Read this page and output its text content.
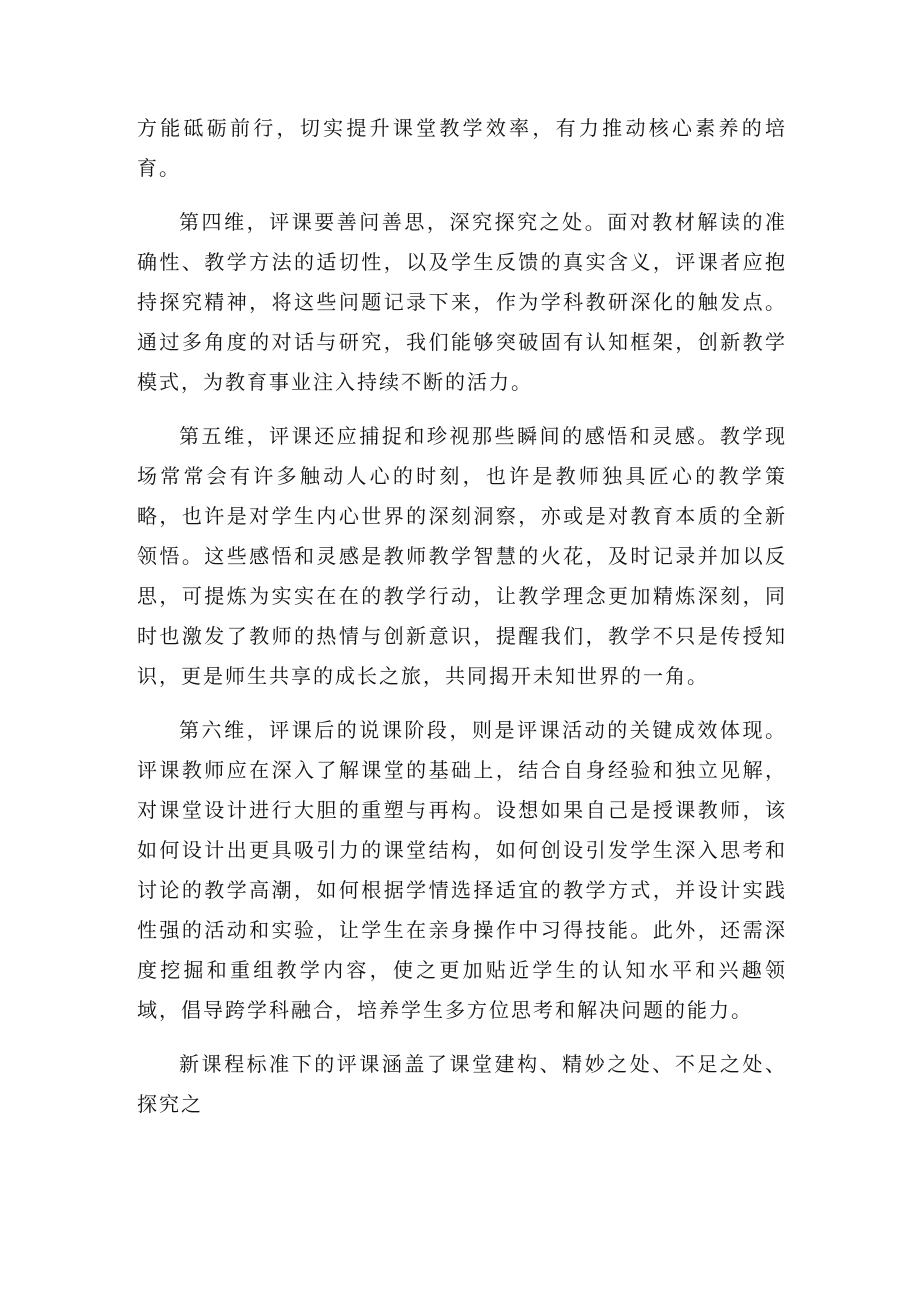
方能砥砺前行，切实提升课堂教学效率，有力推动核心素养的培育。

第四维，评课要善问善思，深究探究之处。面对教材解读的准确性、教学方法的适切性，以及学生反馈的真实含义，评课者应抱持探究精神，将这些问题记录下来，作为学科教研深化的触发点。通过多角度的对话与研究，我们能够突破固有认知框架，创新教学模式，为教育事业注入持续不断的活力。

第五维，评课还应捕捉和珍视那些瞬间的感悟和灵感。教学现场常常会有许多触动人心的时刻，也许是教师独具匠心的教学策略，也许是对学生内心世界的深刻洞察，亦或是对教育本质的全新领悟。这些感悟和灵感是教师教学智慧的火花，及时记录并加以反思，可提炼为实实在在的教学行动，让教学理念更加精炼深刻，同时也激发了教师的热情与创新意识，提醒我们，教学不只是传授知识，更是师生共享的成长之旅，共同揭开未知世界的一角。

第六维，评课后的说课阶段，则是评课活动的关键成效体现。评课教师应在深入了解课堂的基础上，结合自身经验和独立见解，对课堂设计进行大胆的重塑与再构。设想如果自己是授课教师，该如何设计出更具吸引力的课堂结构，如何创设引发学生深入思考和讨论的教学高潮，如何根据学情选择适宜的教学方式，并设计实践性强的活动和实验，让学生在亲身操作中习得技能。此外，还需深度挖掘和重组教学内容，使之更加贴近学生的认知水平和兴趣领域，倡导跨学科融合，培养学生多方位思考和解决问题的能力。

新课程标准下的评课涵盖了课堂建构、精妙之处、不足之处、探究之
